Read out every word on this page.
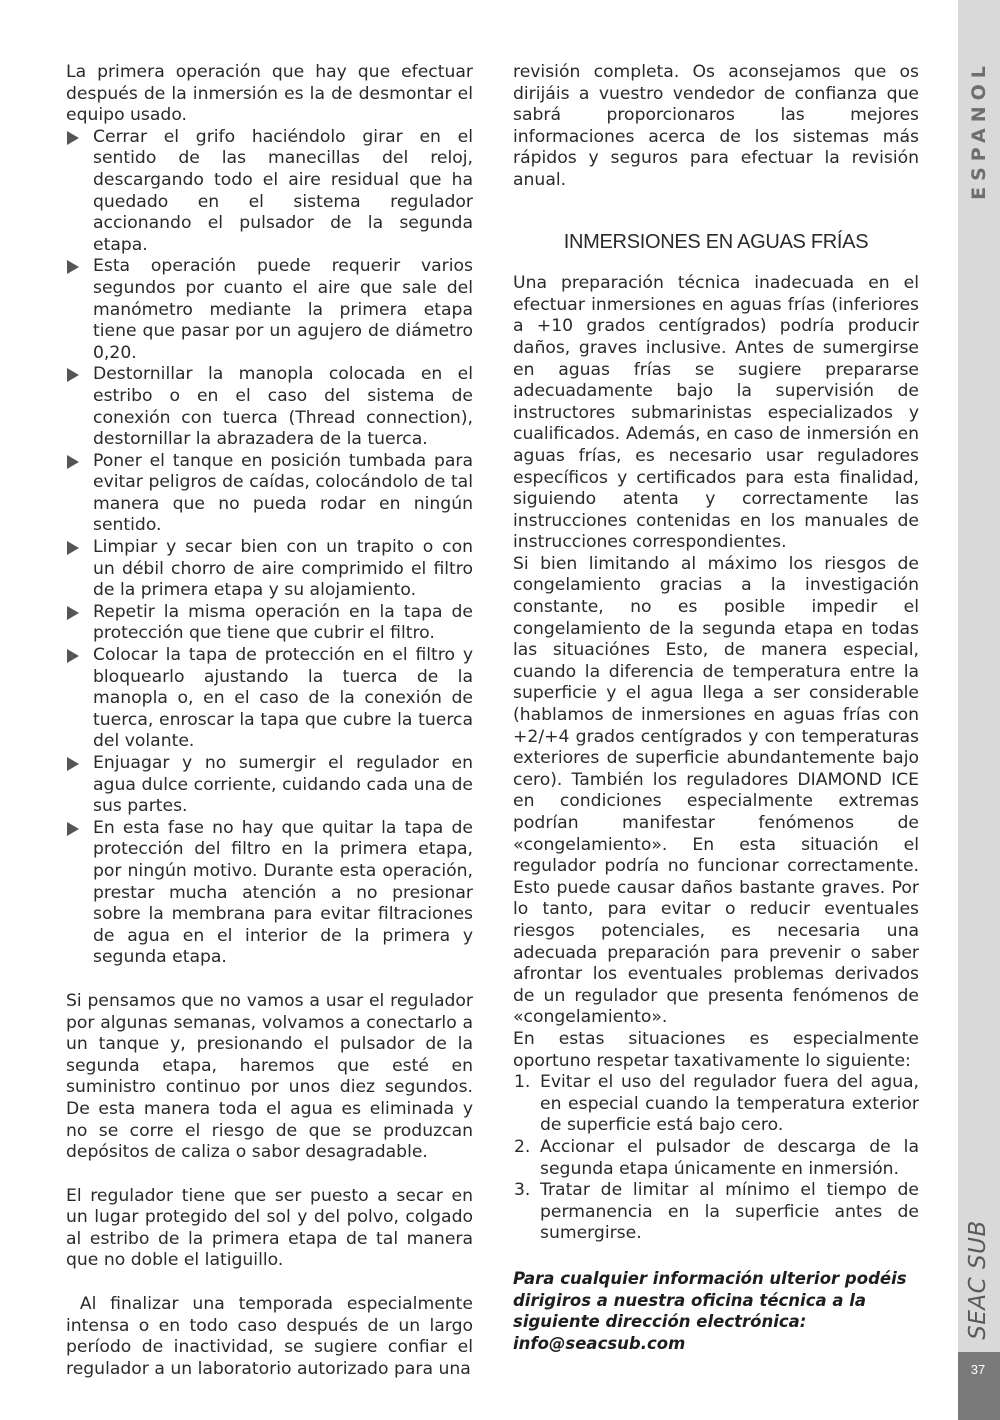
La primera operación que hay que efectuar después de la inmersión es la de desmontar el equipo usado.

Cerrar el grifo haciéndolo girar en el sentido de las manecillas del reloj, descargando todo el aire residual que ha quedado en el sistema regulador accionando el pulsador de la segunda etapa.
Esta operación puede requerir varios segundos por cuanto el aire que sale del manómetro mediante la primera etapa tiene que pasar por un agujero de diámetro 0,20.
Destornillar la manopla colocada en el estribo o en el caso del sistema de conexión con tuerca (Thread connection), destornillar la abrazadera de la tuerca.
Poner el tanque en posición tumbada para evitar peligros de caídas, colocándolo de tal manera que no pueda rodar en ningún sentido.
Limpiar y secar bien con un trapito o con un débil chorro de aire comprimido el filtro de la primera etapa y su alojamiento.
Repetir la misma operación en la tapa de protección que tiene que cubrir el filtro.
Colocar la tapa de protección en el filtro y bloquearlo ajustando la tuerca de la manopla o, en el caso de la conexión de tuerca, enroscar la tapa que cubre la tuerca del volante.
Enjuagar y no sumergir el regulador en agua dulce corriente, cuidando cada una de sus partes.
En esta fase no hay que quitar la tapa de protección del filtro en la primera etapa, por ningún motivo. Durante esta operación, prestar mucha atención a no presionar sobre la membrana para evitar filtraciones de agua en el interior de la primera y segunda etapa.

Si pensamos que no vamos a usar el regulador por algunas semanas, volvamos a conectarlo a un tanque y, presionando el pulsador de la segunda etapa, haremos que esté en suministro continuo por unos diez segundos. De esta manera toda el agua es eliminada y no se corre el riesgo de que se produzcan depósitos de caliza o sabor desagradable.

El regulador tiene que ser puesto a secar en un lugar protegido del sol y del polvo, colgado al estribo de la primera etapa de tal manera que no doble el latiguillo.

Al finalizar una temporada especialmente intensa o en todo caso después de un largo período de inactividad, se sugiere confiar el regulador a un laboratorio autorizado para una

revisión completa. Os aconsejamos que os dirijáis a vuestro vendedor de confianza que sabrá proporcionaros las mejores informaciones acerca de los sistemas más rápidos y seguros para efectuar la revisión anual.

INMERSIONES EN AGUAS FRÍAS

Una preparación técnica inadecuada en el efectuar inmersiones en aguas frías (inferiores a +10 grados centígrados) podría producir daños, graves inclusive. Antes de sumergirse en aguas frías se sugiere prepararse adecuadamente bajo la supervisión de instructores submarinistas especializados y cualificados. Además, en caso de inmersión en aguas frías, es necesario usar reguladores específicos y certificados para esta finalidad, siguiendo atenta y correctamente las instrucciones contenidas en los manuales de instrucciones correspondientes.

Si bien limitando al máximo los riesgos de congelamiento gracias a la investigación constante, no es posible impedir el congelamiento de la segunda etapa en todas las situaciónes Esto, de manera especial, cuando la diferencia de temperatura entre la superficie y el agua llega a ser considerable (hablamos de inmersiones en aguas frías con +2/+4 grados centígrados y con temperaturas exteriores de superficie abundantemente bajo cero). También los reguladores DIAMOND ICE en condiciones especialmente extremas podrían manifestar fenómenos de «congelamiento». En esta situación el regulador podría no funcionar correctamente. Esto puede causar daños bastante graves. Por lo tanto, para evitar o reducir eventuales riesgos potenciales, es necesaria una adecuada preparación para prevenir o saber afrontar los eventuales problemas derivados de un regulador que presenta fenómenos de «congelamiento».

En estas situaciones es especialmente oportuno respetar taxativamente lo siguiente:

1. Evitar el uso del regulador fuera del agua, en especial cuando la temperatura exterior de superficie está bajo cero.
2. Accionar el pulsador de descarga de la segunda etapa únicamente en inmersión.
3. Tratar de limitar al mínimo el tiempo de permanencia en la superficie antes de sumergirse.
Para cualquier información ulterior podéis
dirigiros a nuestra oficina técnica a la
siguiente dirección electrónica:
info@seacsub.com
ESPANOL
SEAC SUB
37
